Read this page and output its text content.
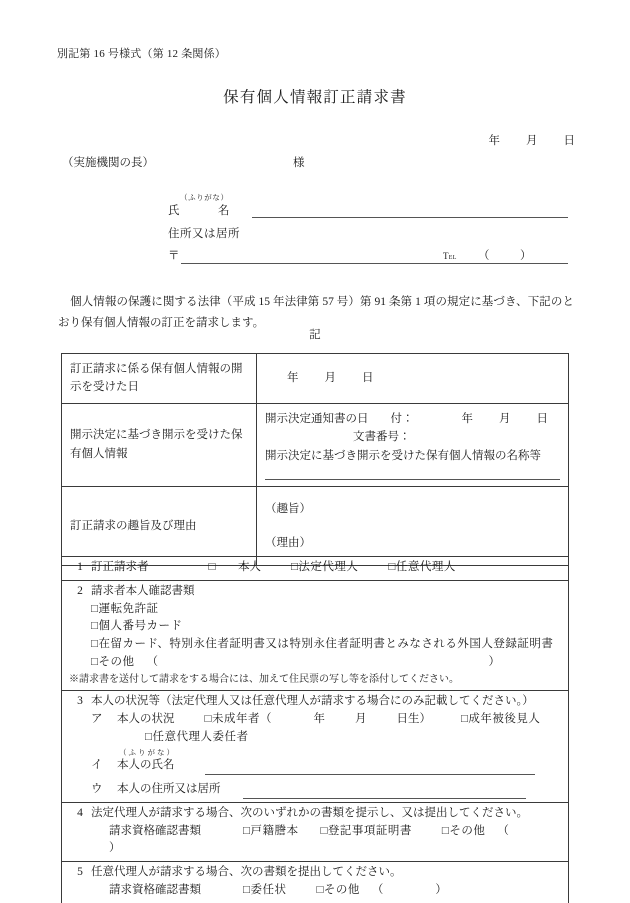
別記第 16 号様式（第 12 条関係）
保有個人情報訂正請求書
年 月 日
（実施機関の長）	様
（ふりがな）
氏	名
住所又は居所
〒	Tel （	）
個人情報の保護に関する法律（平成 15 年法律第 57 号）第 91 条第 1 項の規定に基づき、下記のとおり保有個人情報の訂正を請求します。
記
訂正請求に係る保有個人情報の開示を受けた日	年 月 日
開示決定に基づき開示を受けた保有個人情報	開示決定通知書の日 付： 年 月 日
文書番号：
開示決定に基づき開示を受けた保有個人情報の名称等

訂正請求の趣旨及び理由	（趣旨）
（理由）
1 訂正請求者	□ 本人	□法定代理人	□任意代理人
2 請求者本人確認書類
□運転免許証
□個人番号カード
□在留カード、特別永住者証明書又は特別永住者証明書とみなされる外国人登録証明書
□その他 （	）
※請求書を送付して請求をする場合には、加えて住民票の写し等を添付してください。
3 本人の状況等（法定代理人又は任意代理人が請求する場合にのみ記載してください。）
ア 本人の状況	□未成年者（	年	月	日生）	□成年被後見人
□任意代理人委任者
（ふりがな）
イ 本人の氏名
ウ 本人の住所又は居所
4 法定代理人が請求する場合、次のいずれかの書類を提示し、又は提出してください。
請求資格確認書類	□戸籍謄本 □登記事項証明書	□その他 （）
5 任意代理人が請求する場合、次の書類を提出してください。
請求資格確認書類	□委任状	□その他 （	）
